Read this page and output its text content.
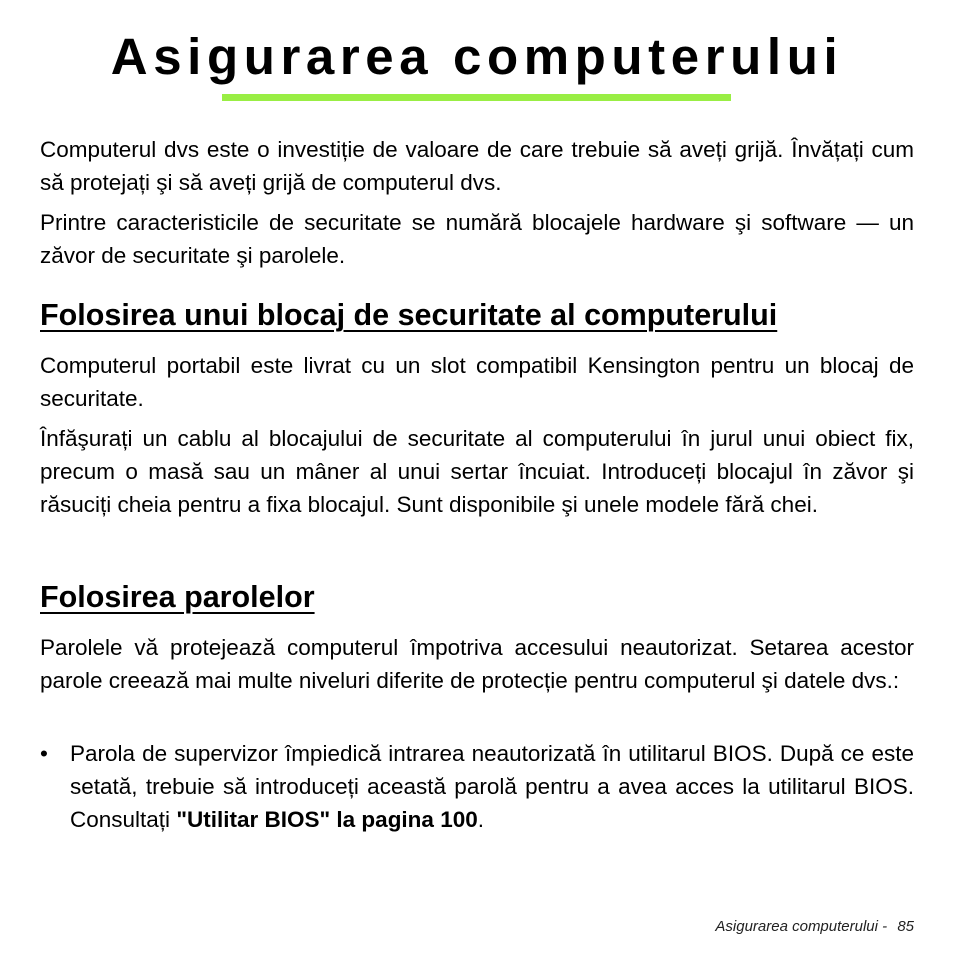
Asigurarea computerului

Computerul dvs este o investiție de valoare de care trebuie să aveți grijă. Învățați cum să protejați şi să aveți grijă de computerul dvs.

Printre caracteristicile de securitate se numără blocajele hardware şi software — un zăvor de securitate şi parolele.

Folosirea unui blocaj de securitate al computerului

Computerul portabil este livrat cu un slot compatibil Kensington pentru un blocaj de securitate.

Înfăşurați un cablu al blocajului de securitate al computerului în jurul unui obiect fix, precum o masă sau un mâner al unui sertar încuiat. Introduceți blocajul în zăvor şi răsuciți cheia pentru a fixa blocajul. Sunt disponibile şi unele modele fără chei.

Folosirea parolelor

Parolele vă protejează computerul împotriva accesului neautorizat. Setarea acestor parole creează mai multe niveluri diferite de protecție pentru computerul şi datele dvs.:

• Parola de supervizor împiedică intrarea neautorizată în utilitarul BIOS. După ce este setată, trebuie să introduceți această parolă pentru a avea acces la utilitarul BIOS. Consultați "Utilitar BIOS" la pagina 100.

Asigurarea computerului - 85
